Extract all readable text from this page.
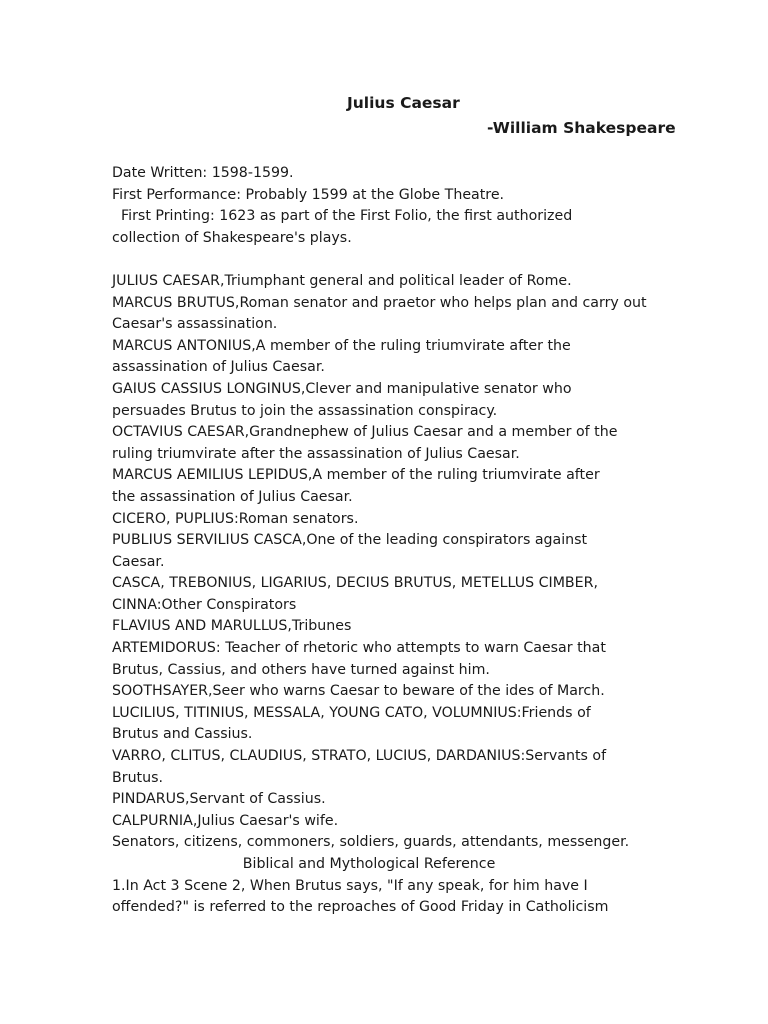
Julius Caesar
-William Shakespeare
Date Written: 1598-1599.
First Performance: Probably 1599 at the Globe Theatre.
First Printing: 1623 as part of the First Folio, the first authorized
collection of Shakespeare's plays.
JULIUS CAESAR,Triumphant general and political leader of Rome.
MARCUS BRUTUS,Roman senator and praetor who helps plan and carry out
Caesar's assassination.
MARCUS ANTONIUS,A member of the ruling triumvirate after the
assassination of Julius Caesar.
GAIUS CASSIUS LONGINUS,Clever and manipulative senator who
persuades Brutus to join the assassination conspiracy.
OCTAVIUS CAESAR,Grandnephew of Julius Caesar and a member of the
ruling triumvirate after the assassination of Julius Caesar.
MARCUS AEMILIUS LEPIDUS,A member of the ruling triumvirate after
the assassination of Julius Caesar.
CICERO, PUPLIUS:Roman senators.
PUBLIUS SERVILIUS CASCA,One of the leading conspirators against
Caesar.
CASCA, TREBONIUS, LIGARIUS, DECIUS BRUTUS, METELLUS CIMBER,
CINNA:Other Conspirators
FLAVIUS AND MARULLUS,Tribunes
ARTEMIDORUS: Teacher of rhetoric who attempts to warn Caesar that
Brutus, Cassius, and others have turned against him.
SOOTHSAYER,Seer who warns Caesar to beware of the ides of March.
LUCILIUS, TITINIUS, MESSALA, YOUNG CATO, VOLUMNIUS:Friends of
Brutus and Cassius.
VARRO, CLITUS, CLAUDIUS, STRATO, LUCIUS, DARDANIUS:Servants of
Brutus.
PINDARUS,Servant of Cassius.
CALPURNIA,Julius Caesar's wife.
Senators, citizens, commoners, soldiers, guards, attendants, messenger.
Biblical and Mythological Reference
1.In Act 3 Scene 2, When Brutus says, "If any speak, for him have I
offended?" is referred to the reproaches of Good Friday in Catholicism
